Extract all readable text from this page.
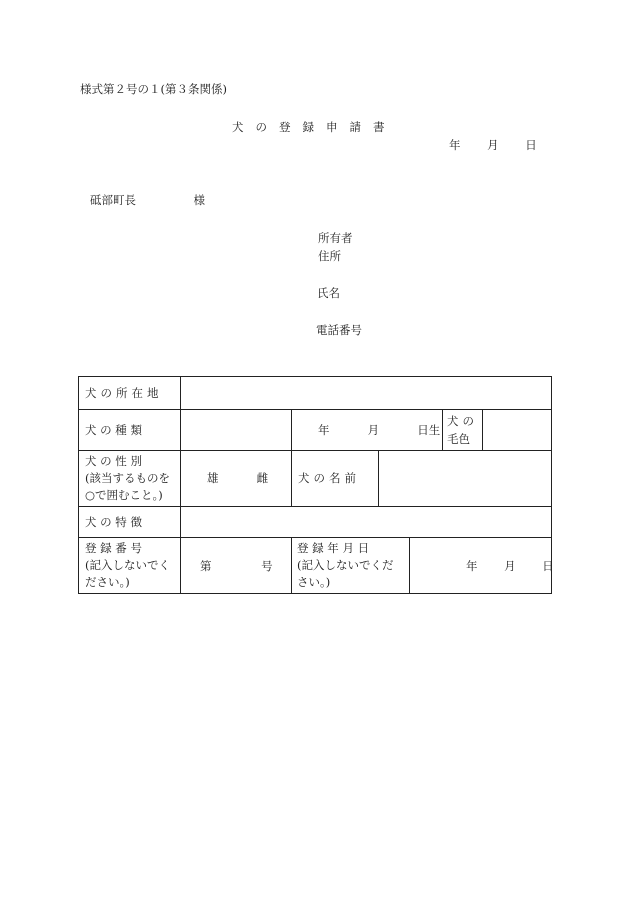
様式第２号の１(第３条関係)
犬の登録申請書
年　　 月　　 日
砥部町長　　　　　様
所有者
住所
氏名
電話番号
犬の所在地
犬 の 種 類	年　　　 月　　　 日生
犬の
毛色
犬 の 性 別
(該当するものを
○で囲むこと。)
雄　　　 雌	犬の名前
犬 の 特 徴
登 録 番 号
(記入しないでく
ださい。)
第　　　　 号
登 録 年 月 日
(記入しないでくだ
さい。)
年　　 月　　 日
